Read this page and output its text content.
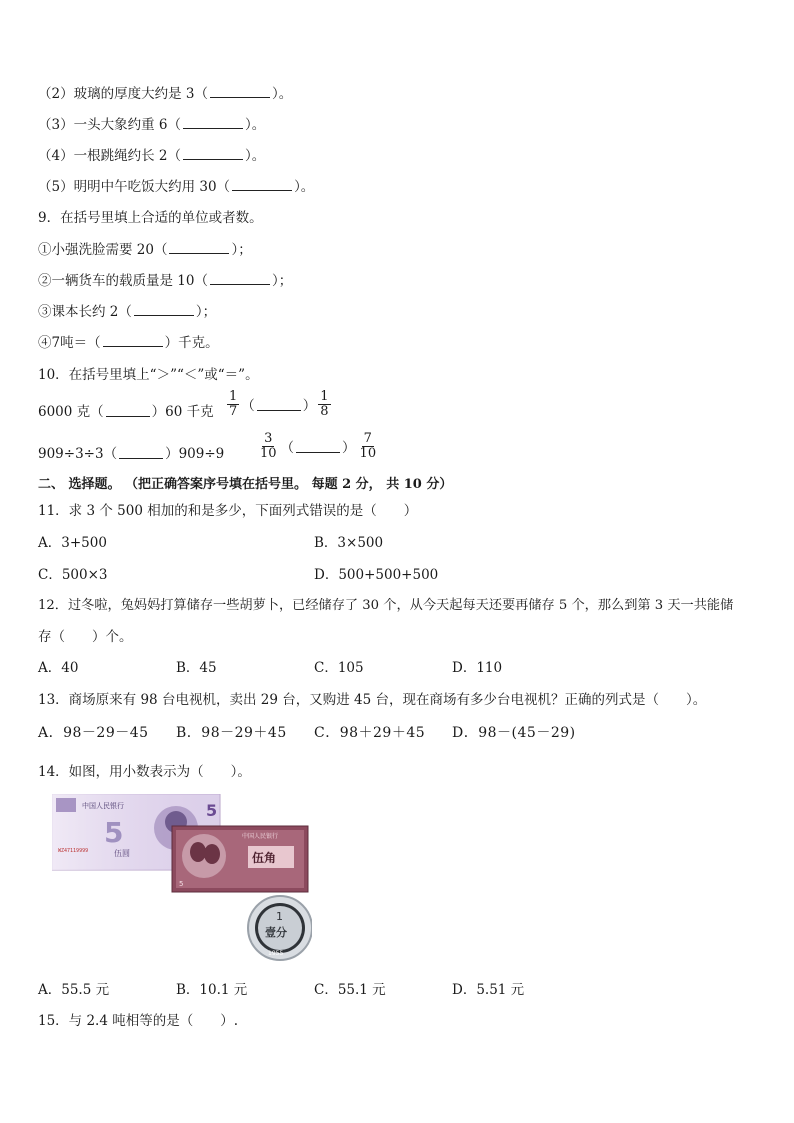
（2）玻璃的厚度大约是 3（	）。
（3）一头大象约重 6（	）。
（4）一根跳绳约长 2（	）。
（5）明明中午吃饭大约用 30（	）。
9．在括号里填上合适的单位或者数。
①小强洗脸需要 20（	）；
②一辆货车的载质量是 10（	）；
③课本长约 2（	）；
④7吨＝（	）千克。
10．在括号里填上“＞”“＜”或“＝”。
6000 克（	）60 千克 $\frac{1}{7}$ （	） $\frac{1}{8}$
909÷3÷3（	）909÷9	$\frac{3}{10}$ （	） $\frac{7}{10}$
二、 选择题。 （把正确答案序号填在括号里。 每题 2 分， 共 10 分）
11．求 3 个 500 相加的和是多少，下面列式错误的是（　　）
A．3+500	B．3×500
C．500×3	D．500+500+500
12．过冬啦，兔妈妈打算储存一些胡萝卜，已经储存了 30 个，从今天起每天还要再储存 5 个，那么到第 3 天一共能储
存（　　）个。
A．40	B．45	C．105	D．110
13．商场原来有 98 台电视机，卖出 29 台，又购进 45 台，现在商场有多少台电视机？正确的列式是（　　）。
A．98－29－45 B．98－29＋45 C．98＋29＋45 D．98－(45－29)
14．如图，用小数表示为（　　）。
中国人民银行	5
5
伍圆
WZ47119999
中国人民银行
伍角
5
1
壹分
1955
A．55.5 元	B．10.1 元	C．55.1 元	D．5.51 元
15．与 2.4 吨相等的是（　　）.
